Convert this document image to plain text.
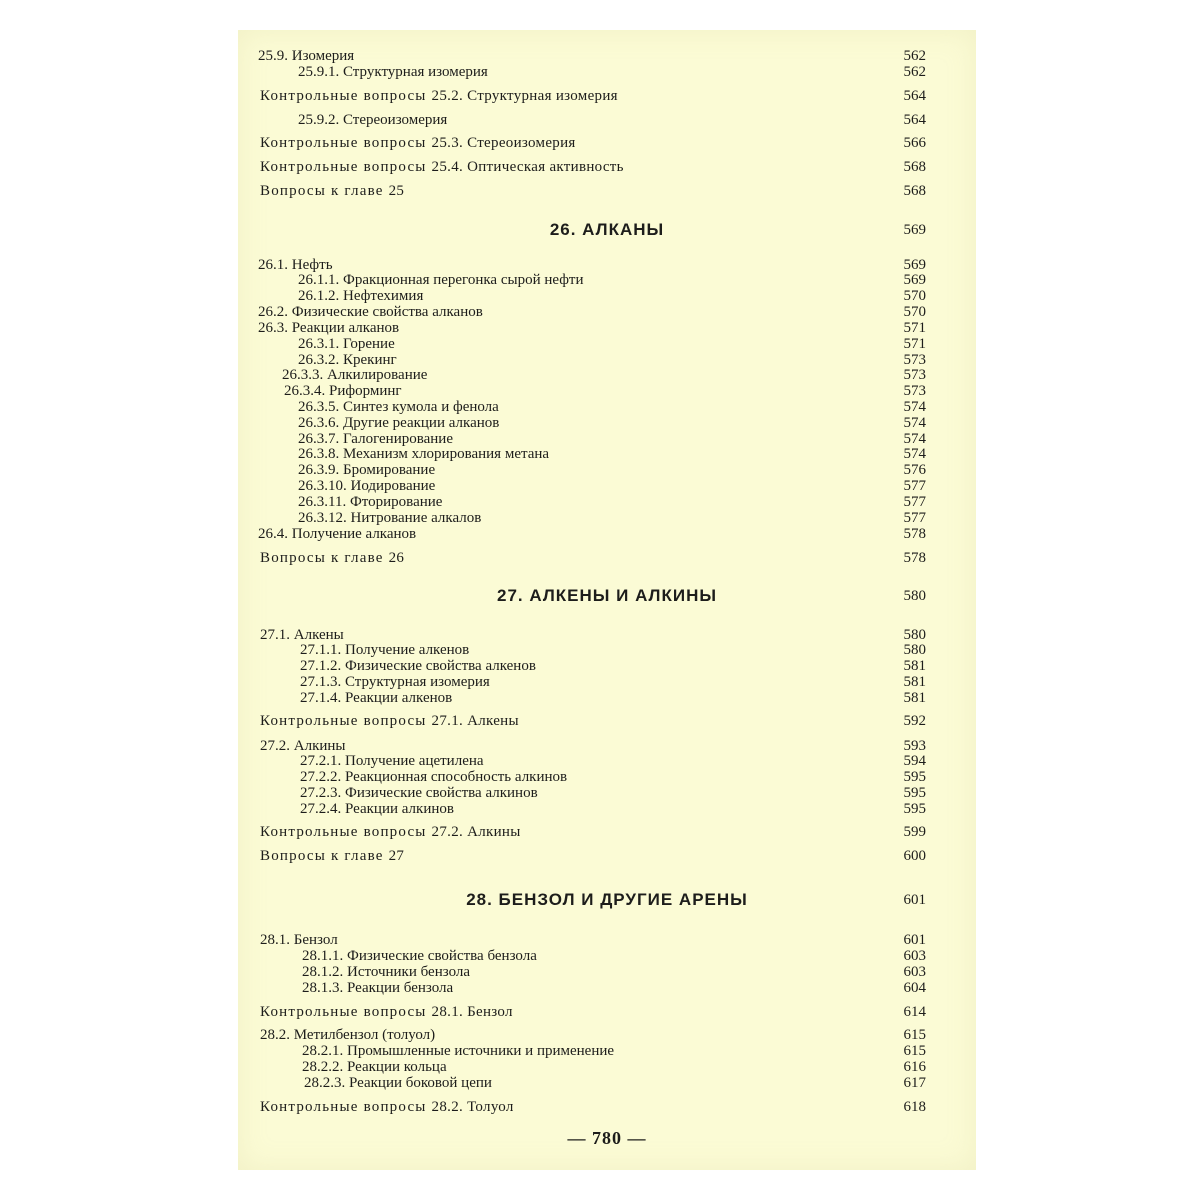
25.9. Изомерия	562
25.9.1. Структурная изомерия	562
Контрольные вопросы 25.2. Структурная изомерия	564
25.9.2. Стереоизомерия	564
Контрольные вопросы 25.3. Стереоизомерия	566
Контрольные вопросы 25.4. Оптическая активность	568
Вопросы к главе 25	568
26. АЛКАНЫ	569
26.1. Нефть	569
26.1.1. Фракционная перегонка сырой нефти	569
26.1.2. Нефтехимия	570
26.2. Физические свойства алканов	570
26.3. Реакции алканов	571
26.3.1. Горение	571
26.3.2. Крекинг	573
26.3.3. Алкилирование	573
26.3.4. Риформинг	573
26.3.5. Синтез кумола и фенола	574
26.3.6. Другие реакции алканов	574
26.3.7. Галогенирование	574
26.3.8. Механизм хлорирования метана	574
26.3.9. Бромирование	576
26.3.10. Иодирование	577
26.3.11. Фторирование	577
26.3.12. Нитрование алкалов	577
26.4. Получение алканов	578
Вопросы к главе 26	578
27. АЛКЕНЫ И АЛКИНЫ	580
27.1. Алкены	580
27.1.1. Получение алкенов	580
27.1.2. Физические свойства алкенов	581
27.1.3. Структурная изомерия	581
27.1.4. Реакции алкенов	581
Контрольные вопросы 27.1. Алкены	592
27.2. Алкины	593
27.2.1. Получение ацетилена	594
27.2.2. Реакционная способность алкинов	595
27.2.3. Физические свойства алкинов	595
27.2.4. Реакции алкинов	595
Контрольные вопросы 27.2. Алкины	599
Вопросы к главе 27	600
28. БЕНЗОЛ И ДРУГИЕ АРЕНЫ	601
28.1. Бензол	601
28.1.1. Физические свойства бензола	603
28.1.2. Источники бензола	603
28.1.3. Реакции бензола	604
Контрольные вопросы 28.1. Бензол	614
28.2. Метилбензол (толуол)	615
28.2.1. Промышленные источники и применение	615
28.2.2. Реакции кольца	616
28.2.3. Реакции боковой цепи	617
Контрольные вопросы 28.2. Толуол	618
— 780 —
